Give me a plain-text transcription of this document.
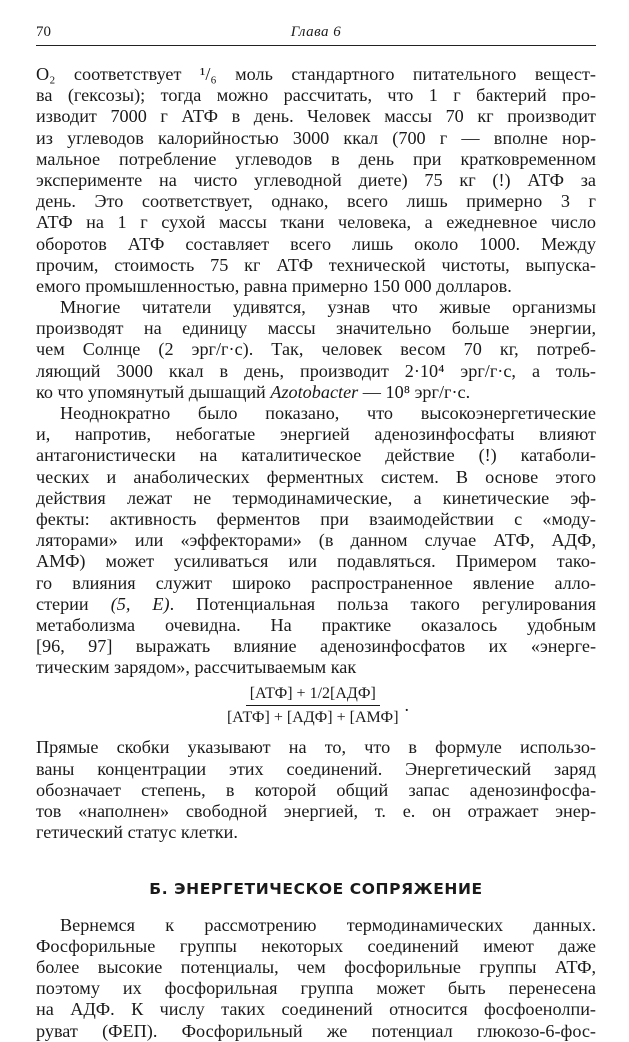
70	Глава 6
O₂ соответствует ¹/₆ моль стандартного питательного вещест-
ва (гексозы); тогда можно рассчитать, что 1 г бактерий про-
изводит 7000 г АТФ в день. Человек массы 70 кг производит
из углеводов калорийностью 3000 ккал (700 г — вполне нор-
мальное потребление углеводов в день при кратковременном
эксперименте на чисто углеводной диете) 75 кг (!) АТФ за
день. Это соответствует, однако, всего лишь примерно 3 г
АТФ на 1 г сухой массы ткани человека, а ежедневное число
оборотов АТФ составляет всего лишь около 1000. Между
прочим, стоимость 75 кг АТФ технической чистоты, выпуска-
емого промышленностью, равна примерно 150 000 долларов.
Многие читатели удивятся, узнав что живые организмы
производят на единицу массы значительно больше энергии,
чем Солнце (2 эрг/г·с). Так, человек весом 70 кг, потреб-
ляющий 3000 ккал в день, производит 2·10⁴ эрг/г·с, а толь-
ко что упомянутый дышащий Azotobacter — 10⁸ эрг/г·с.
Неоднократно было показано, что высокоэнергетические
и, напротив, небогатые энергией аденозинфосфаты влияют
антагонистически на каталитическое действие (!) катаболи-
ческих и анаболических ферментных систем. В основе этого
действия лежат не термодинамические, а кинетические эф-
фекты: активность ферментов при взаимодействии с «моду-
ляторами» или «эффекторами» (в данном случае АТФ, АДФ,
АМФ) может усиливаться или подавляться. Примером тако-
го влияния служит широко распространенное явление алло-
стерии (5, E). Потенциальная польза такого регулирования
метаболизма очевидна. На практике оказалось удобным
[96, 97] выражать влияние аденозинфосфатов их «энерге-
тическим зарядом», рассчитываемым как
$\frac{\text{[АТФ] + 1/2[АДФ]}}{\text{[АТФ] + [АДФ] + [АМФ]}}$ .
Прямые скобки указывают на то, что в формуле использо-
ваны концентрации этих соединений. Энергетический заряд
обозначает степень, в которой общий запас аденозинфосфа-
тов «наполнен» свободной энергией, т. е. он отражает энер-
гетический статус клетки.
Б. ЭНЕРГЕТИЧЕСКОЕ СОПРЯЖЕНИЕ
Вернемся к рассмотрению термодинамических данных.
Фосфорильные группы некоторых соединений имеют даже
более высокие потенциалы, чем фосфорильные группы АТФ,
поэтому их фосфорильная группа может быть перенесена
на АДФ. К числу таких соединений относится фосфоенолпи-
руват (ФЕП). Фосфорильный же потенциал глюкозо-6-фос-
